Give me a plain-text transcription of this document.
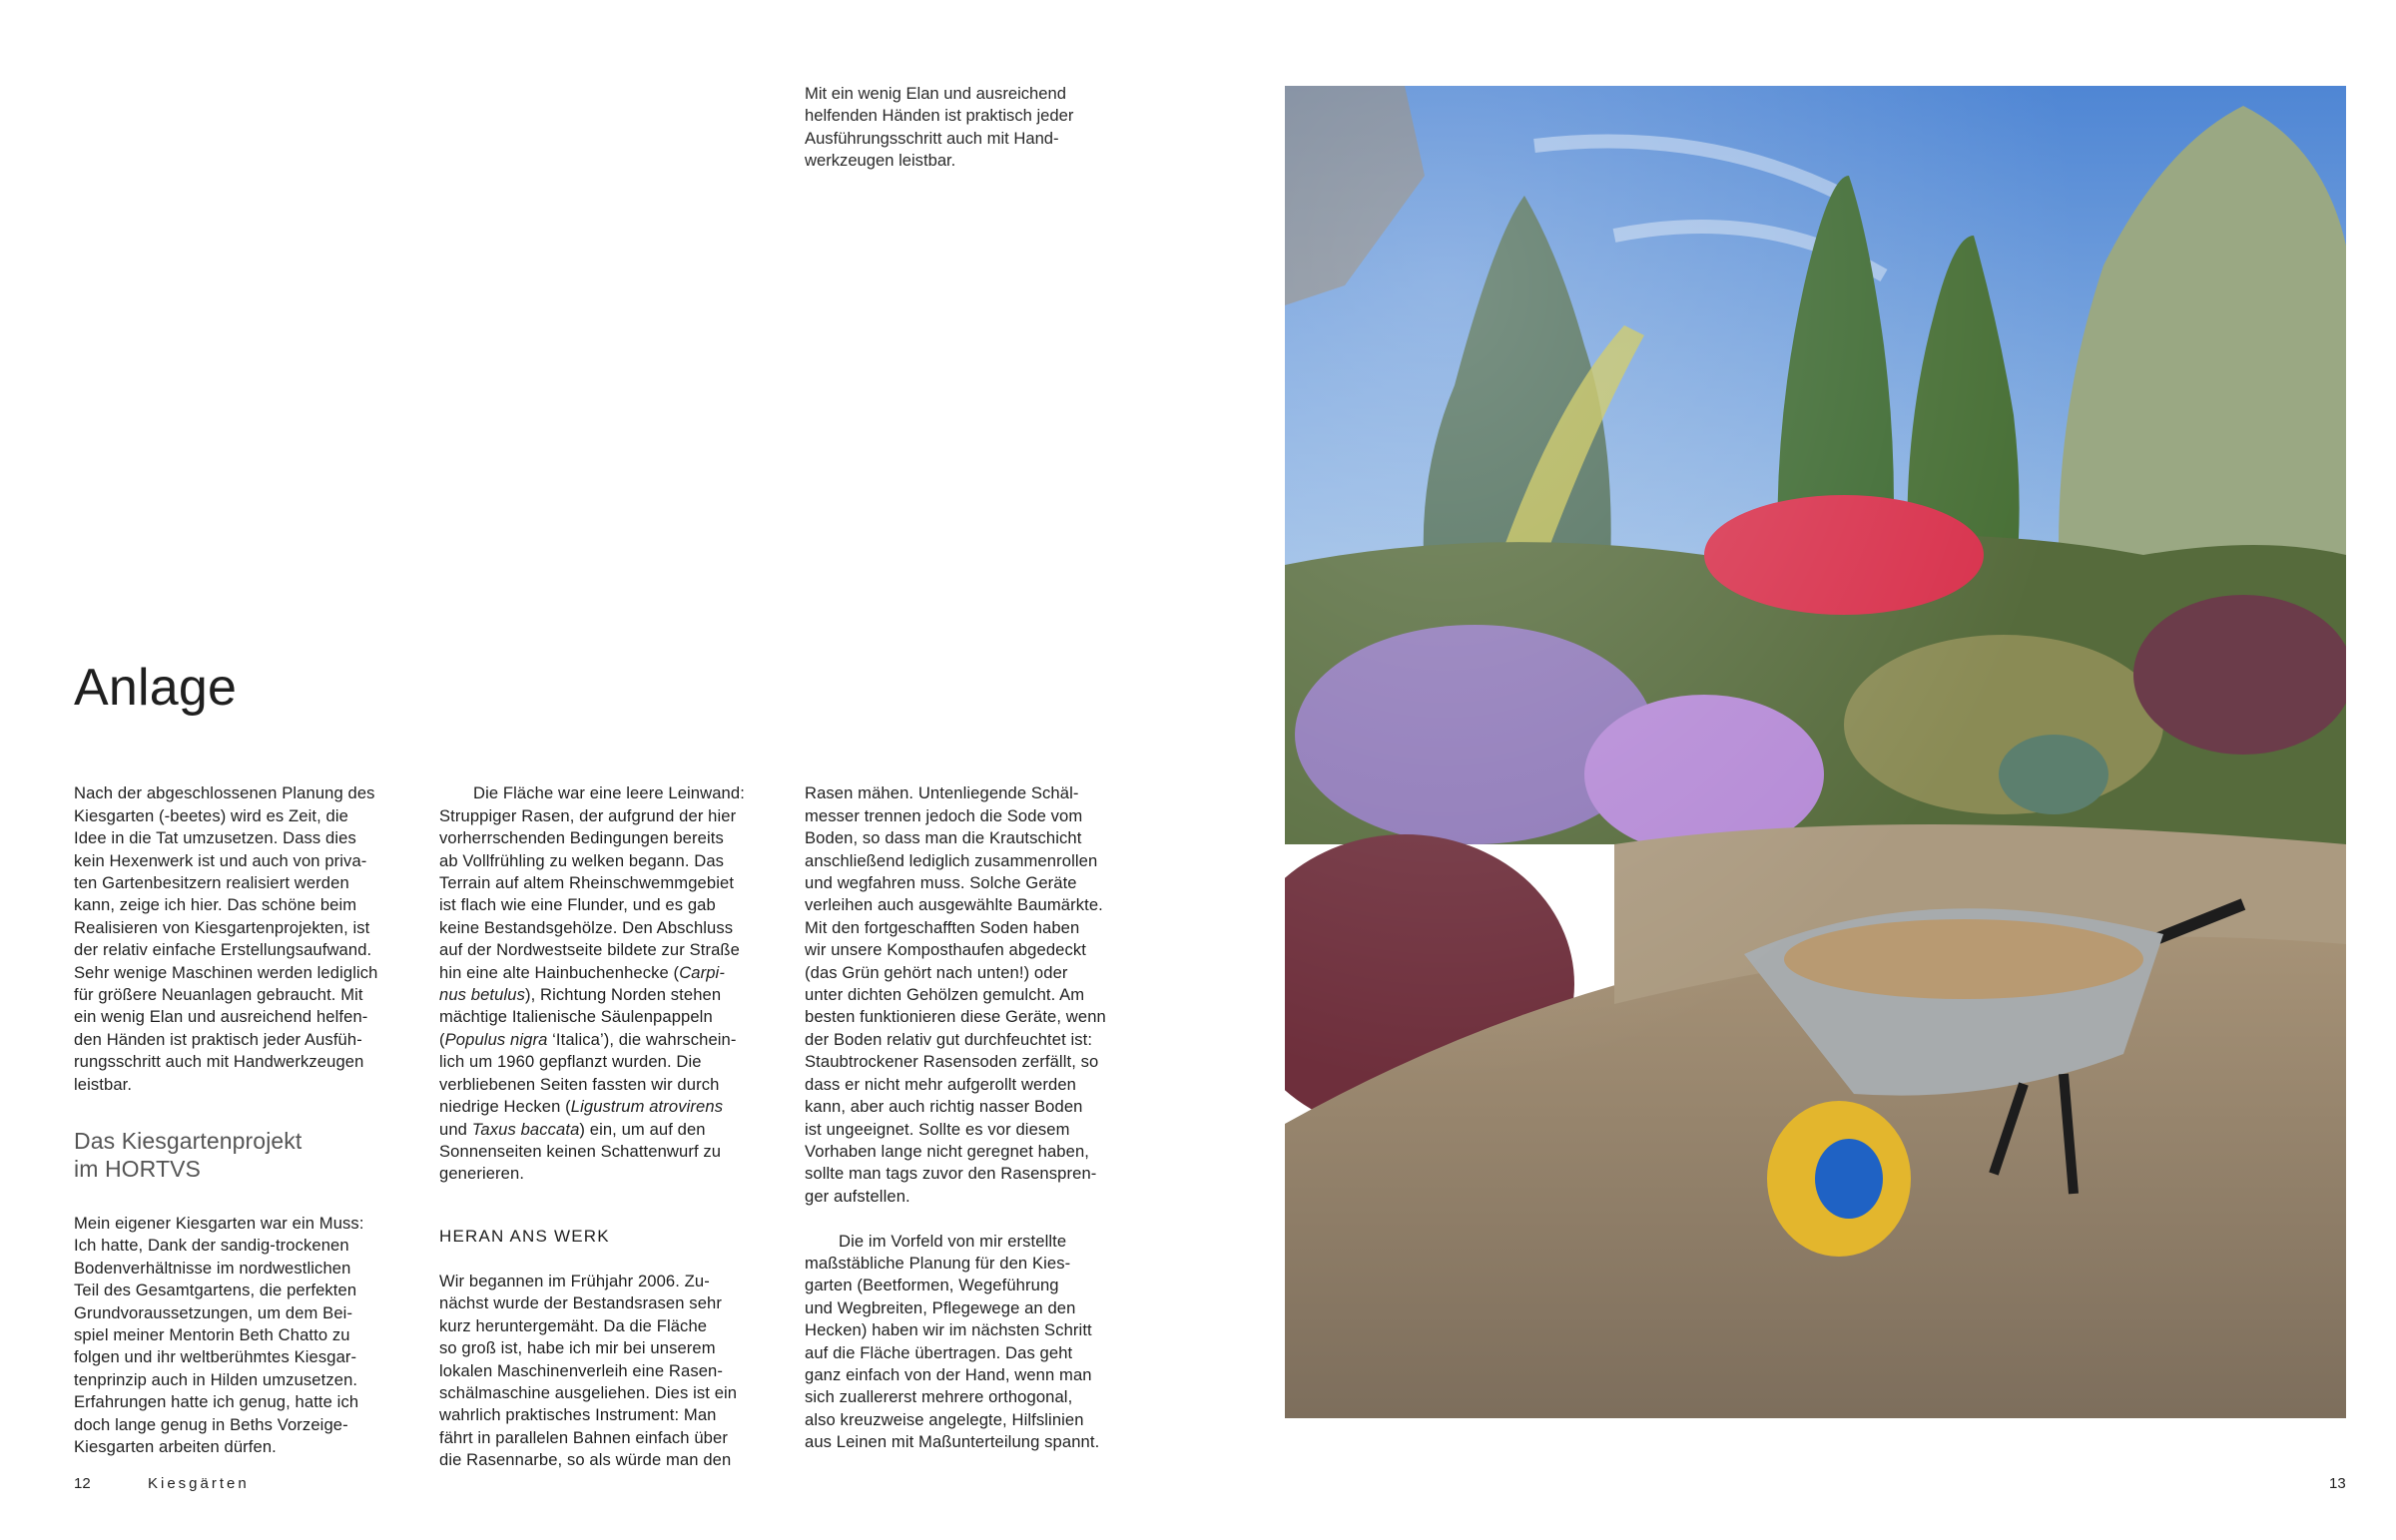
Mit ein wenig Elan und ausreichend
helfenden Händen ist praktisch jeder
Ausführungsschritt auch mit Hand-
werkzeugen leistbar.
Anlage

Nach der abgeschlossenen Planung des
Kiesgarten (-beetes) wird es Zeit, die
Idee in die Tat umzusetzen. Dass dies
kein Hexenwerk ist und auch von priva-
ten Gartenbesitzern realisiert werden
kann, zeige ich hier. Das schöne beim
Realisieren von Kiesgartenprojekten, ist
der relativ einfache Erstellungsaufwand.
Sehr wenige Maschinen werden lediglich
für größere Neuanlagen gebraucht. Mit
ein wenig Elan und ausreichend helfen-
den Händen ist praktisch jeder Ausfüh-
rungsschritt auch mit Handwerkzeugen
leistbar.

Das Kiesgartenprojekt
im HORTVS

Mein eigener Kiesgarten war ein Muss:
Ich hatte, Dank der sandig-trockenen
Bodenverhältnisse im nordwestlichen
Teil des Gesamtgartens, die perfekten
Grundvoraussetzungen, um dem Bei-
spiel meiner Mentorin Beth Chatto zu
folgen und ihr weltberühmtes Kiesgar-
tenprinzip auch in Hilden umzusetzen.
Erfahrungen hatte ich genug, hatte ich
doch lange genug in Beths Vorzeige-
Kiesgarten arbeiten dürfen.

Die Fläche war eine leere Leinwand:
Struppiger Rasen, der aufgrund der hier
vorherrschenden Bedingungen bereits
ab Vollfrühling zu welken begann. Das
Terrain auf altem Rheinschwemmgebiet
ist flach wie eine Flunder, und es gab
keine Bestandsgehölze. Den Abschluss
auf der Nordwestseite bildete zur Straße
hin eine alte Hainbuchenhecke (Carpi-
nus betulus), Richtung Norden stehen
mächtige Italienische Säulenpappeln
(Populus nigra ‘Italica’), die wahrschein-
lich um 1960 gepflanzt wurden. Die
verbliebenen Seiten fassten wir durch
niedrige Hecken (Ligustrum atrovirens
und Taxus baccata) ein, um auf den
Sonnenseiten keinen Schattenwurf zu
generieren.

HERAN ANS WERK

Wir begannen im Frühjahr 2006. Zu-
nächst wurde der Bestandsrasen sehr
kurz heruntergemäht. Da die Fläche
so groß ist, habe ich mir bei unserem
lokalen Maschinenverleih eine Rasen-
schälmaschine ausgeliehen. Dies ist ein
wahrlich praktisches Instrument: Man
fährt in parallelen Bahnen einfach über
die Rasennarbe, so als würde man den

Rasen mähen. Untenliegende Schäl-
messer trennen jedoch die Sode vom
Boden, so dass man die Krautschicht
anschließend lediglich zusammenrollen
und wegfahren muss. Solche Geräte
verleihen auch ausgewählte Baumärkte.
Mit den fortgeschafften Soden haben
wir unsere Komposthaufen abgedeckt
(das Grün gehört nach unten!) oder
unter dichten Gehölzen gemulcht. Am
besten funktionieren diese Geräte, wenn
der Boden relativ gut durchfeuchtet ist:
Staubtrockener Rasensoden zerfällt, so
dass er nicht mehr aufgerollt werden
kann, aber auch richtig nasser Boden
ist ungeeignet. Sollte es vor diesem
Vorhaben lange nicht geregnet haben,
sollte man tags zuvor den Rasenspren-
ger aufstellen.

Die im Vorfeld von mir erstellte
maßstäbliche Planung für den Kies-
garten (Beetformen, Wegeführung
und Wegbreiten, Pflegewege an den
Hecken) haben wir im nächsten Schritt
auf die Fläche übertragen. Das geht
ganz einfach von der Hand, wenn man
sich zuallererst mehrere orthogonal,
also kreuzweise angelegte, Hilfslinien
aus Leinen mit Maßunterteilung spannt.

12	Kiesgärten	13
